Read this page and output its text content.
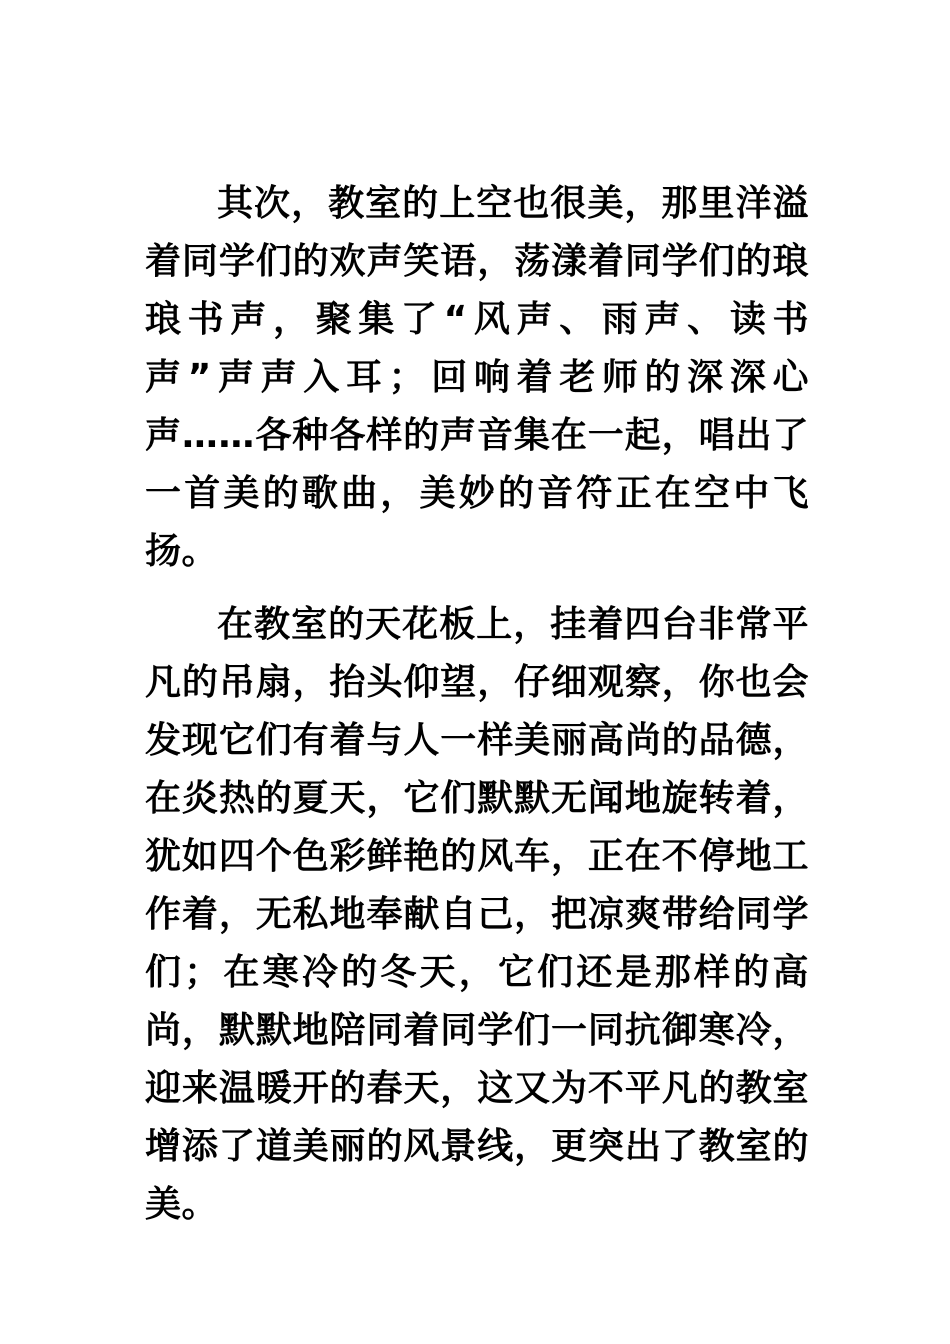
其次，教室的上空也很美，那里洋溢着同学们的欢声笑语，荡漾着同学们的琅琅书声，聚集了“风声、雨声、读书声”声声入耳；回响着老师的深深心声……各种各样的声音集在一起，唱出了一首美的歌曲，美妙的音符正在空中飞扬。

在教室的天花板上，挂着四台非常平凡的吊扇，抬头仰望，仔细观察，你也会发现它们有着与人一样美丽高尚的品德，在炎热的夏天，它们默默无闻地旋转着，犹如四个色彩鲜艳的风车，正在不停地工作着，无私地奉献自己，把凉爽带给同学们；在寒冷的冬天，它们还是那样的高尚，默默地陪同着同学们一同抗御寒冷，迎来温暖开的春天，这又为不平凡的教室增添了道美丽的风景线，更突出了教室的美。
